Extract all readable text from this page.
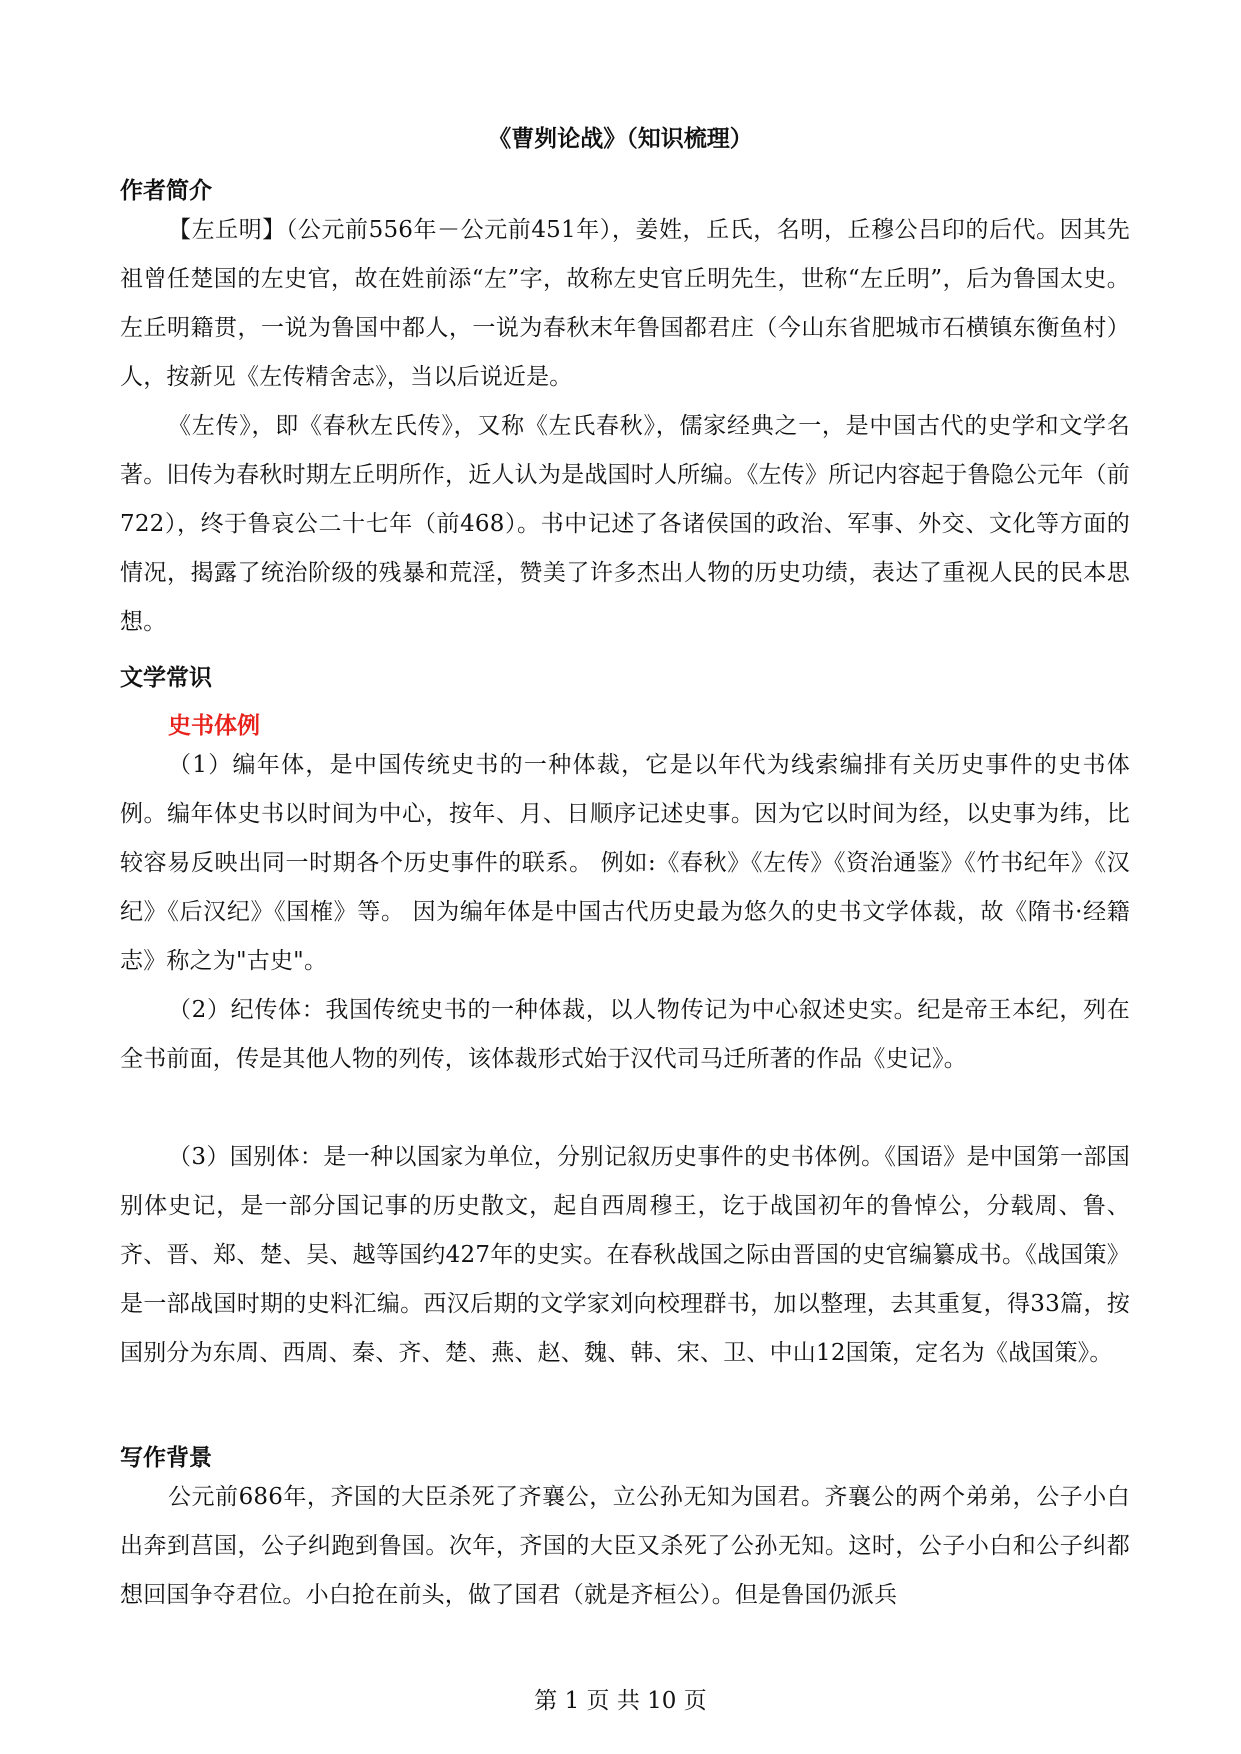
《曹刿论战》（知识梳理）
作者简介
【左丘明】（公元前556年－公元前451年），姜姓，丘氏，名明，丘穆公吕印的后代。因其先祖曾任楚国的左史官，故在姓前添“左”字，故称左史官丘明先生，世称“左丘明”，后为鲁国太史。左丘明籍贯，一说为鲁国中都人，一说为春秋末年鲁国都君庄（今山东省肥城市石横镇东衡鱼村）人，按新见《左传精舍志》，当以后说近是。
《左传》，即《春秋左氏传》，又称《左氏春秋》，儒家经典之一，是中国古代的史学和文学名著。旧传为春秋时期左丘明所作，近人认为是战国时人所编。《左传》所记内容起于鲁隐公元年（前722），终于鲁哀公二十七年（前468）。书中记述了各诸侯国的政治、军事、外交、文化等方面的情况，揭露了统治阶级的残暴和荒淫，赞美了许多杰出人物的历史功绩，表达了重视人民的民本思想。
文学常识
史书体例
（1）编年体，是中国传统史书的一种体裁，它是以年代为线索编排有关历史事件的史书体例。编年体史书以时间为中心，按年、月、日顺序记述史事。因为它以时间为经，以史事为纬，比较容易反映出同一时期各个历史事件的联系。 例如:《春秋》《左传》《资治通鉴》《竹书纪年》《汉纪》《后汉纪》《国榷》等。 因为编年体是中国古代历史最为悠久的史书文学体裁，故《隋书·经籍志》称之为"古史"。
（2）纪传体：我国传统史书的一种体裁，以人物传记为中心叙述史实。纪是帝王本纪，列在全书前面，传是其他人物的列传，该体裁形式始于汉代司马迁所著的作品《史记》。
（3）国别体：是一种以国家为单位，分别记叙历史事件的史书体例。《国语》是中国第一部国别体史记，是一部分国记事的历史散文，起自西周穆王，讫于战国初年的鲁悼公，分载周、鲁、齐、晋、郑、楚、吴、越等国约427年的史实。在春秋战国之际由晋国的史官编纂成书。《战国策》是一部战国时期的史料汇编。西汉后期的文学家刘向校理群书，加以整理，去其重复，得33篇，按国别分为东周、西周、秦、齐、楚、燕、赵、魏、韩、宋、卫、中山12国策，定名为《战国策》。
写作背景
公元前686年，齐国的大臣杀死了齐襄公，立公孙无知为国君。齐襄公的两个弟弟，公子小白出奔到莒国，公子纠跑到鲁国。次年，齐国的大臣又杀死了公孙无知。这时，公子小白和公子纠都想回国争夺君位。小白抢在前头，做了国君（就是齐桓公）。但是鲁国仍派兵
第 1 页 共 10 页
